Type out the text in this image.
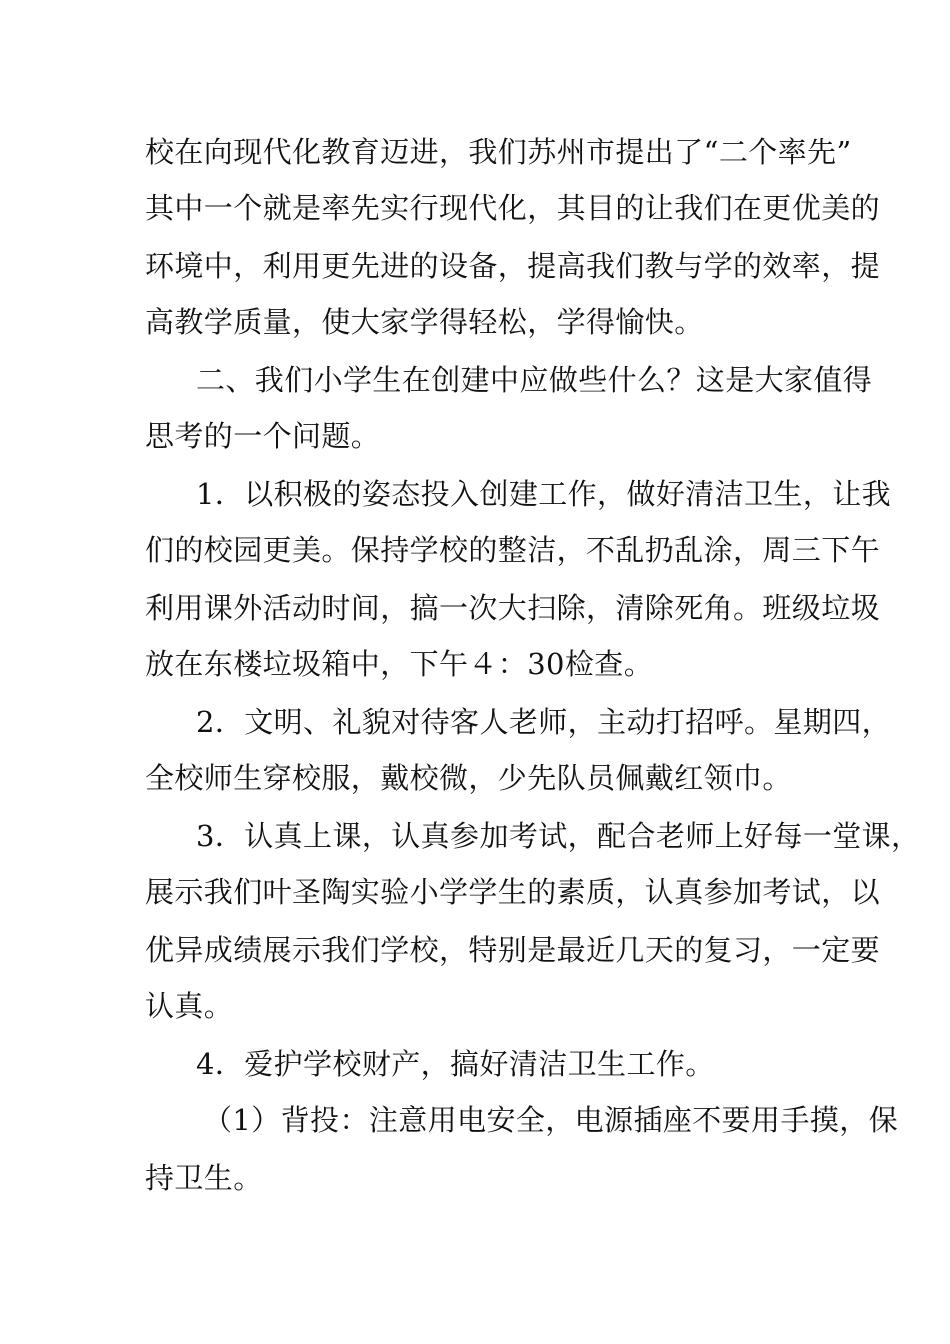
校在向现代化教育迈进，我们苏州市提出了“二个率先”
其中一个就是率先实行现代化，其目的让我们在更优美的
环境中，利用更先进的设备，提高我们教与学的效率，提
高教学质量，使大家学得轻松，学得愉快。
二、我们小学生在创建中应做些什么？这是大家值得
思考的一个问题。
1．以积极的姿态投入创建工作，做好清洁卫生，让我
们的校园更美。保持学校的整洁，不乱扔乱涂，周三下午
利用课外活动时间，搞一次大扫除，清除死角。班级垃圾
放在东楼垃圾箱中，下午４：30检查。
2．文明、礼貌对待客人老师，主动打招呼。星期四，
全校师生穿校服，戴校微，少先队员佩戴红领巾。
3．认真上课，认真参加考试，配合老师上好每一堂课，
展示我们叶圣陶实验小学学生的素质，认真参加考试，以
优异成绩展示我们学校，特别是最近几天的复习，一定要
认真。
4．爱护学校财产，搞好清洁卫生工作。
（1）背投：注意用电安全，电源插座不要用手摸，保
持卫生。
